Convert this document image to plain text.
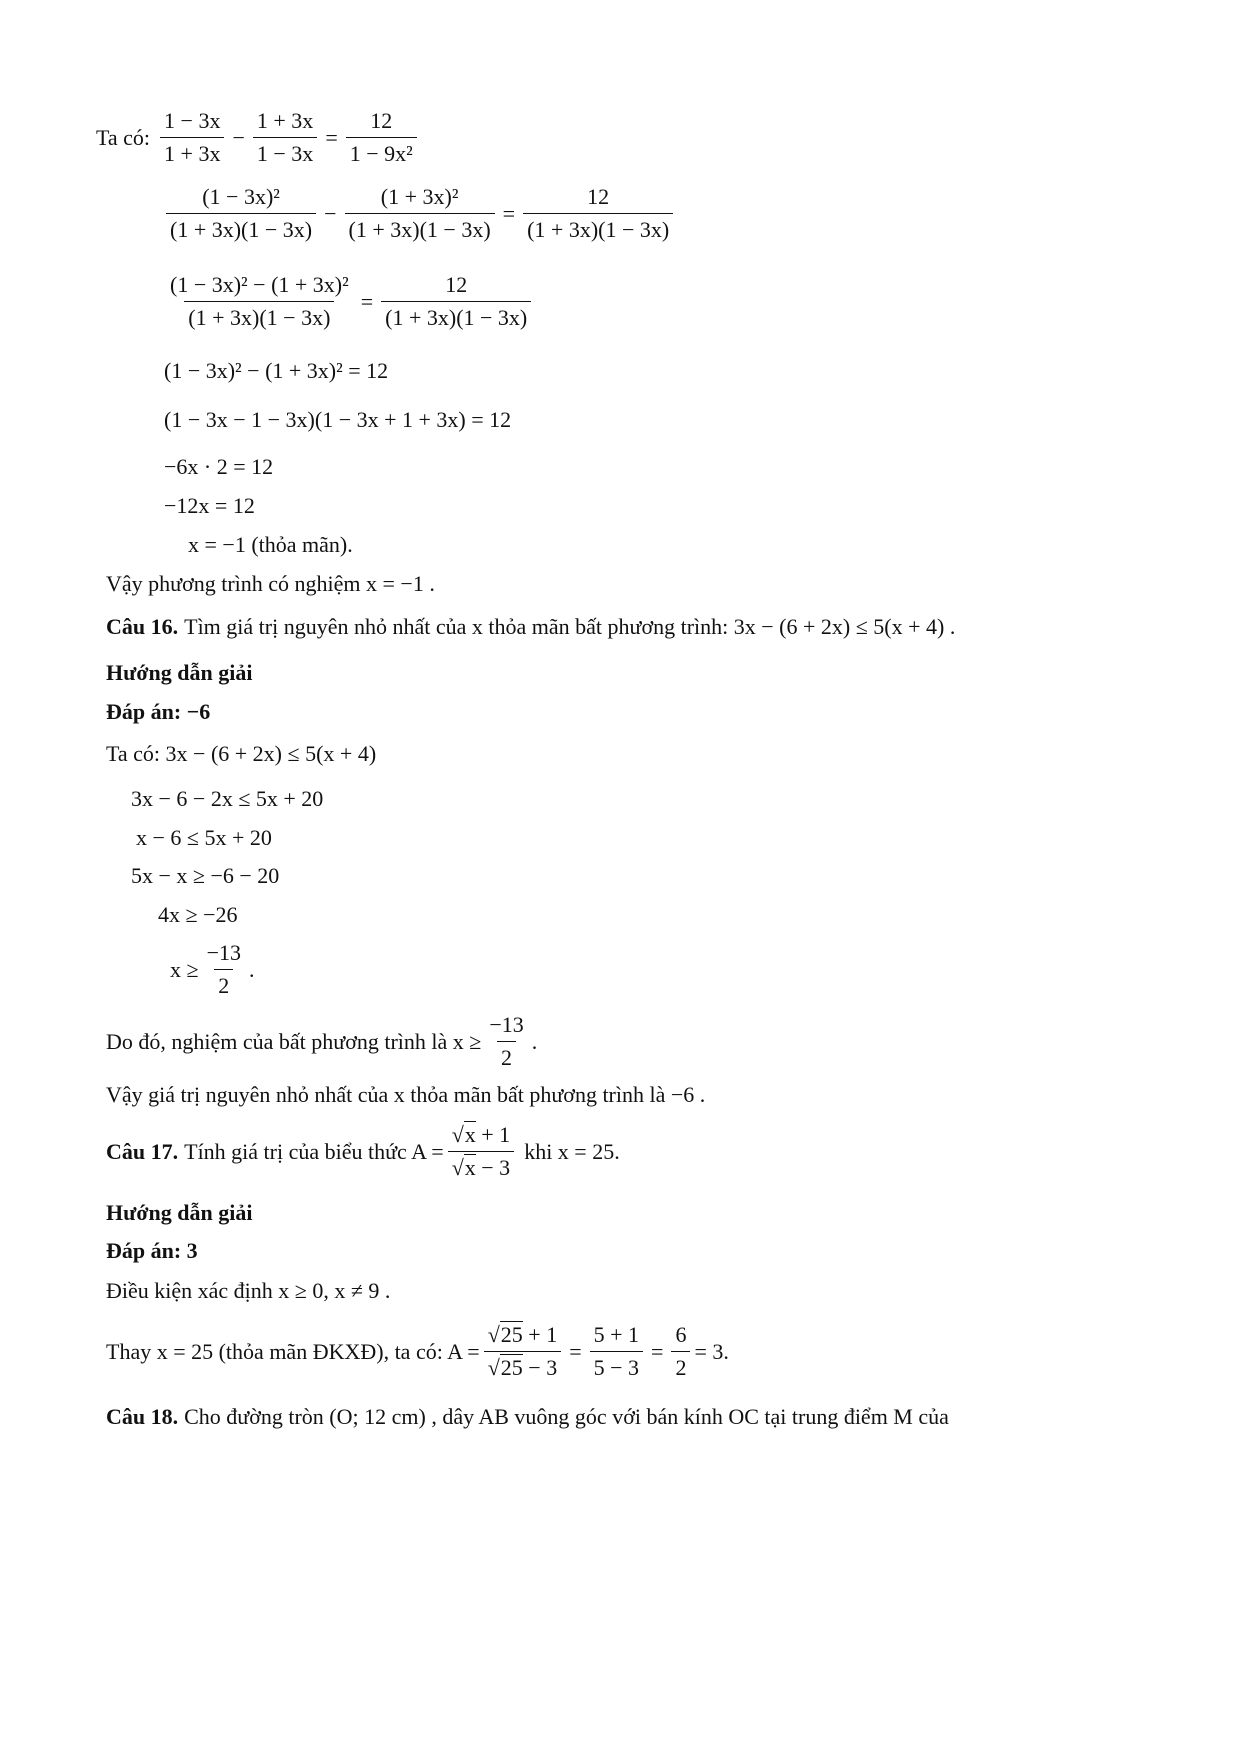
Ta có: $\frac{1 - 3x}{1 + 3x} - \frac{1 + 3x}{1 - 3x} = \frac{12}{\text{1 − 9x²}}$
$\frac{\text{(1 − 3x)²}}{(1 + 3x)(1 - 3x)} - \frac{\text{(1 + 3x)²}}{(1 + 3x)(1 - 3x)} = \frac{12}{(1 + 3x)(1 - 3x)}$
$\frac{\text{(1 − 3x)² − (1 + 3x)²}}{(1 + 3x)(1 - 3x)} = \frac{12}{(1 + 3x)(1 - 3x)}$
(1 − 3x)² − (1 + 3x)² = 12
(1 − 3x − 1 − 3x)(1 − 3x + 1 + 3x) = 12
−6x · 2 = 12
−12x = 12
x = −1 (thỏa mãn).
Vậy phương trình có nghiệm x = −1 .
Câu 16. Tìm giá trị nguyên nhỏ nhất của x thỏa mãn bất phương trình: 3x − (6 + 2x) ≤ 5(x + 4) .
Hướng dẫn giải
Đáp án: −6
Ta có: 3x − (6 + 2x) ≤ 5(x + 4)
3x − 6 − 2x ≤ 5x + 20
x − 6 ≤ 5x + 20
5x − x ≥ −6 − 20
4x ≥ −26
$x \ge \frac{-13}{2}$ .
Do đó, nghiệm của bất phương trình là $x \ge \frac{-13}{2}$ .
Vậy giá trị nguyên nhỏ nhất của x thỏa mãn bất phương trình là −6 .
Câu 17. Tính giá trị của biểu thức $A = \frac{√x + 1}{√x - 3}$ khi x = 25.
Hướng dẫn giải
Đáp án: 3
Điều kiện xác định x ≥ 0, x ≠ 9 .
Thay x = 25 (thỏa mãn ĐKXĐ), ta có: $A = \frac{√25 + 1}{√25 - 3} = \frac{5 + 1}{5 - 3} = \frac{6}{2} = 3$.
Câu 18. Cho đường tròn (O; 12 cm) , dây AB vuông góc với bán kính OC tại trung điểm M của
